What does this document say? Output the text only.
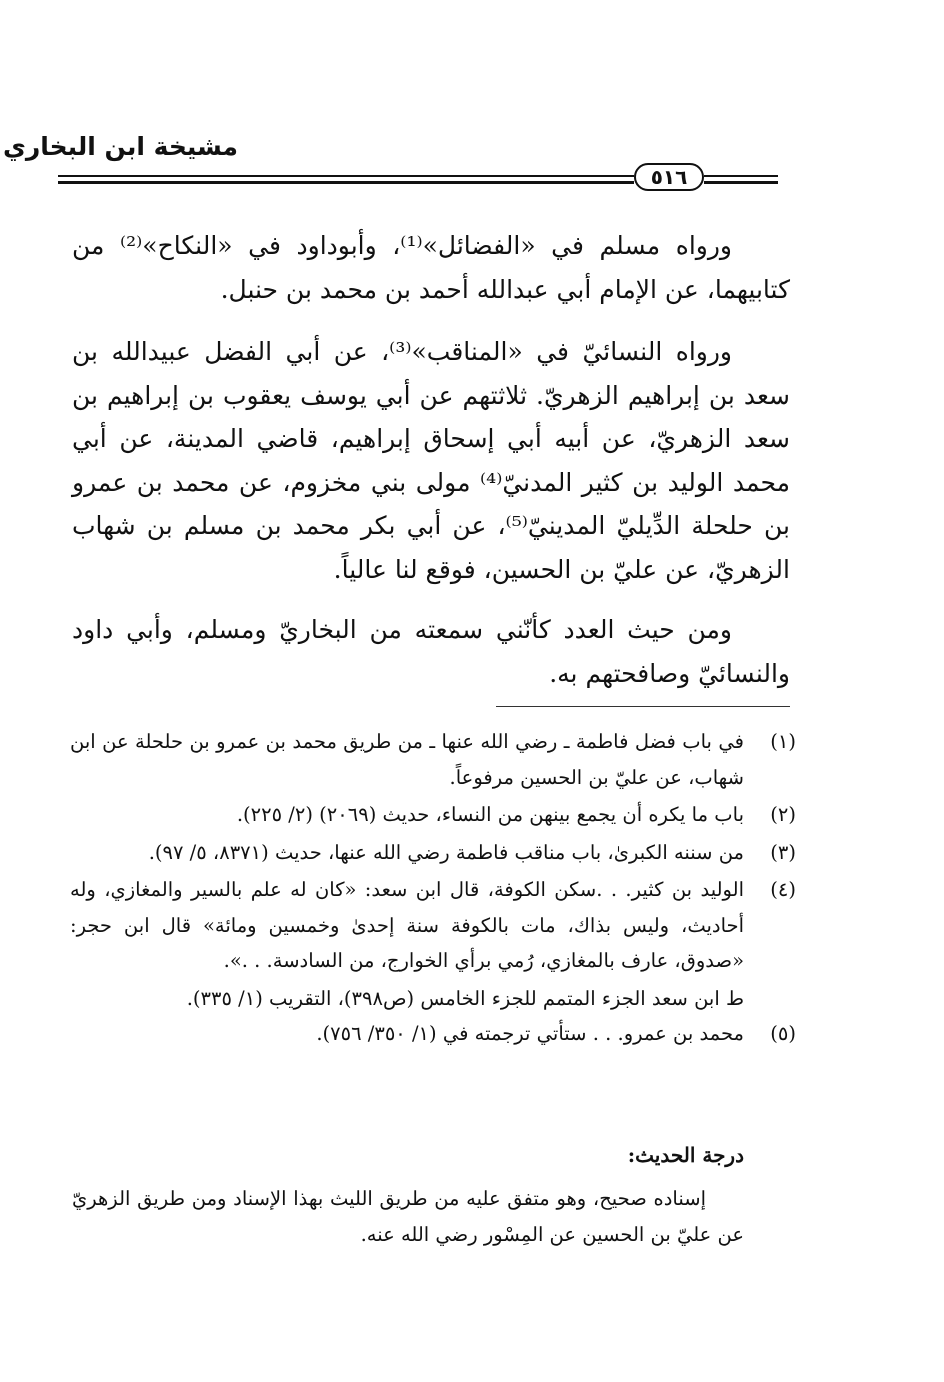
مشيخة ابن البخاري
٥١٦

ورواه مسلم في «الفضائل»⁽¹⁾، وأبوداود في «النكاح»⁽²⁾ من كتابيهما، عن الإمام أبي عبدالله أحمد بن محمد بن حنبل.

ورواه النسائيّ في «المناقب»⁽³⁾، عن أبي الفضل عبيدالله بن سعد بن إبراهيم الزهريّ. ثلاثتهم عن أبي يوسف يعقوب بن إبراهيم بن سعد الزهريّ، عن أبيه أبي إسحاق إبراهيم، قاضي المدينة، عن أبي محمد الوليد بن كثير المدنيّ⁽⁴⁾ مولى بني مخزوم، عن محمد بن عمرو بن حلحلة الدِّيليّ المدينيّ⁽⁵⁾، عن أبي بكر محمد بن مسلم بن شهاب الزهريّ، عن عليّ بن الحسين، فوقع لنا عالياً.

ومن حيث العدد كأنّني سمعته من البخاريّ ومسلم، وأبي داود والنسائيّ وصافحتهم به.

(١)
في باب فضل فاطمة ـ رضي الله عنها ـ من طريق محمد بن عمرو بن حلحلة عن ابن شهاب، عن عليّ بن الحسين مرفوعاً.
(٢)
باب ما يكره أن يجمع بينهن من النساء، حديث (٢٠٦٩) (٢/ ٢٢٥).
(٣)
من سننه الكبرىٰ، باب مناقب فاطمة رضي الله عنها، حديث (٨٣٧١، ٥/ ٩٧).
(٤)
الوليد بن كثير. . .سكن الكوفة، قال ابن سعد: «كان له علم بالسير والمغازي، وله أحاديث، وليس بذاك، مات بالكوفة سنة إحدىٰ وخمسين ومائة» قال ابن حجر: «صدوق، عارف بالمغازي، رُمي برأي الخوارج، من السادسة. . .».
ط ابن سعد الجزء المتمم للجزء الخامس (ص٣٩٨)، التقريب (١/ ٣٣٥).
(٥)
محمد بن عمرو. . . ستأتي ترجمته في (١/ ٣٥٠/ ٧٥٦).
درجة الحديث:

إسناده صحيح، وهو متفق عليه من طريق الليث بهذا الإسناد ومن طريق الزهريّ عن عليّ بن الحسين عن المِسْور رضي الله عنه.
